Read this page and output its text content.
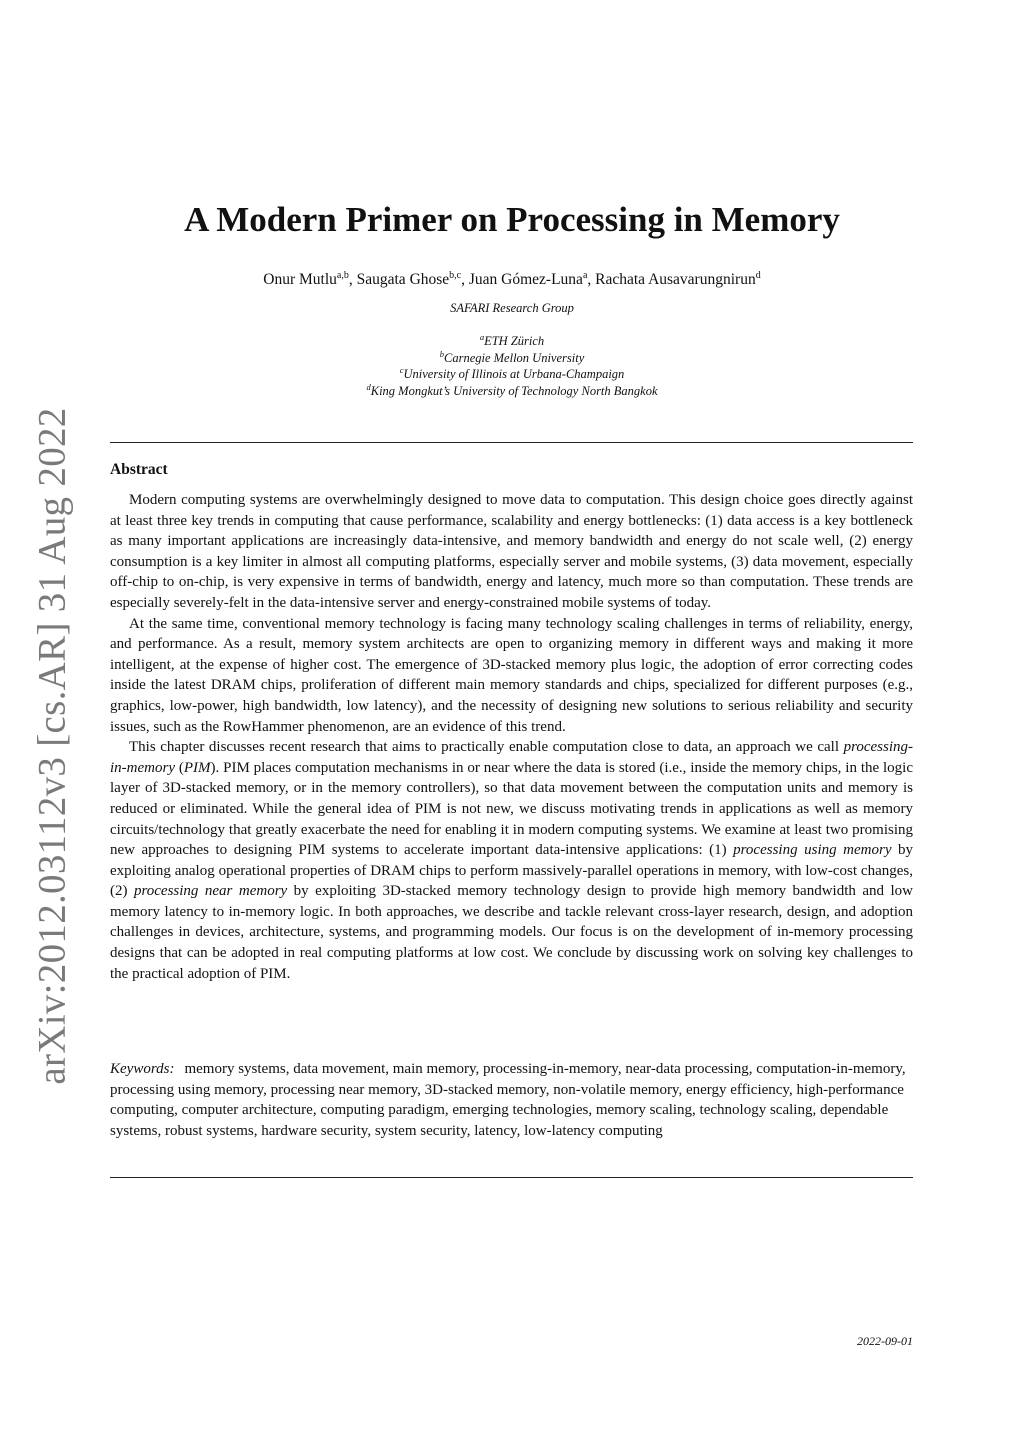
arXiv:2012.03112v3 [cs.AR] 31 Aug 2022
A Modern Primer on Processing in Memory
Onur Mutlu$^{a,b}$, Saugata Ghose$^{b,c}$, Juan Gómez-Luna$^a$, Rachata Ausavarungnirun$^d$
SAFARI Research Group
$^a$ETH Zürich
$^b$Carnegie Mellon University
$^c$University of Illinois at Urbana-Champaign
$^d$King Mongkut’s University of Technology North Bangkok
Abstract

Modern computing systems are overwhelmingly designed to move data to computation. This design choice goes directly against at least three key trends in computing that cause performance, scalability and energy bottlenecks: (1) data access is a key bottleneck as many important applications are increasingly data-intensive, and memory bandwidth and energy do not scale well, (2) energy consumption is a key limiter in almost all computing platforms, especially server and mobile systems, (3) data movement, especially off-chip to on-chip, is very expensive in terms of bandwidth, energy and latency, much more so than computation. These trends are especially severely-felt in the data-intensive server and energy-constrained mobile systems of today.

At the same time, conventional memory technology is facing many technology scaling challenges in terms of reliability, energy, and performance. As a result, memory system architects are open to organizing memory in different ways and making it more intelligent, at the expense of higher cost. The emergence of 3D-stacked memory plus logic, the adoption of error correcting codes inside the latest DRAM chips, proliferation of different main memory standards and chips, specialized for different purposes (e.g., graphics, low-power, high bandwidth, low latency), and the necessity of designing new solutions to serious reliability and security issues, such as the RowHammer phenomenon, are an evidence of this trend.

This chapter discusses recent research that aims to practically enable computation close to data, an approach we call processing-in-memory (PIM). PIM places computation mechanisms in or near where the data is stored (i.e., inside the memory chips, in the logic layer of 3D-stacked memory, or in the memory controllers), so that data movement between the computation units and memory is reduced or eliminated. While the general idea of PIM is not new, we discuss motivating trends in applications as well as memory circuits/technology that greatly exacerbate the need for enabling it in modern computing systems. We examine at least two promising new approaches to designing PIM systems to accelerate important data-intensive applications: (1) processing using memory by exploiting analog operational properties of DRAM chips to perform massively-parallel operations in memory, with low-cost changes, (2) processing near memory by exploiting 3D-stacked memory technology design to provide high memory bandwidth and low memory latency to in-memory logic. In both approaches, we describe and tackle relevant cross-layer research, design, and adoption challenges in devices, architecture, systems, and programming models. Our focus is on the development of in-memory processing designs that can be adopted in real computing platforms at low cost. We conclude by discussing work on solving key challenges to the practical adoption of PIM.

Keywords: memory systems, data movement, main memory, processing-in-memory, near-data processing, computation-in-memory, processing using memory, processing near memory, 3D-stacked memory, non-volatile memory, energy efficiency, high-performance computing, computer architecture, computing paradigm, emerging technologies, memory scaling, technology scaling, dependable systems, robust systems, hardware security, system security, latency, low-latency computing
2022-09-01
